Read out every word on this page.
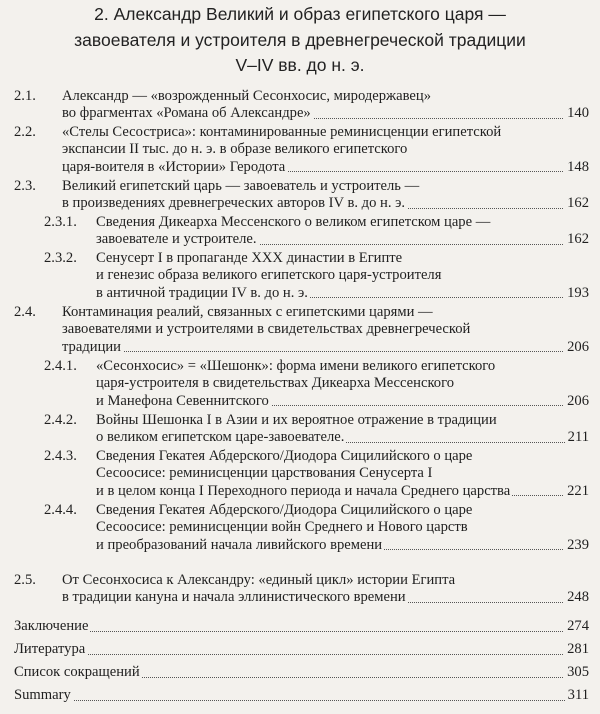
2. Александр Великий и образ египетского царя —
завоевателя и устроителя в древнегреческой традиции
V–IV вв. до н. э.
2.1. Александр — «возрожденный Сесонхосис, миродержавец»
во фрагментах «Романа об Александре»	140
2.2. «Стелы Сесостриса»: контаминированные реминисценции египетской
экспансии II тыс. до н. э. в образе великого египетского
царя-воителя в «Истории» Геродота	148
2.3. Великий египетский царь — завоеватель и устроитель —
в произведениях древнегреческих авторов IV в. до н. э.	162
2.3.1. Сведения Дикеарха Мессенского о великом египетском царе —
завоевателе и устроителе.	162
2.3.2. Сенусерт I в пропаганде XXX династии в Египте
и генезис образа великого египетского царя-устроителя
в античной традиции IV в. до н. э.	193
2.4. Контаминация реалий, связанных с египетскими царями —
завоевателями и устроителями в свидетельствах древнегреческой
традиции	206
2.4.1. «Сесонхосис» = «Шешонк»: форма имени великого египетского
царя-устроителя в свидетельствах Дикеарха Мессенского
и Манефона Севеннитского	206
2.4.2. Войны Шешонка I в Азии и их вероятное отражение в традиции
о великом египетском царе-завоевателе.	211
2.4.3. Сведения Гекатея Абдерского/Диодора Сицилийского о царе
Сесоосисе: реминисценции царствования Сенусерта I
и в целом конца I Переходного периода и начала Среднего царства	221
2.4.4. Сведения Гекатея Абдерского/Диодора Сицилийского о царе
Сесоосисе: реминисценции войн Среднего и Нового царств
и преобразований начала ливийского времени	239
2.5. От Сесонхосиса к Александру: «единый цикл» истории Египта
в традиции кануна и начала эллинистического времени	248
Заключение	274
Литература	281
Список сокращений	305
Summary	311
